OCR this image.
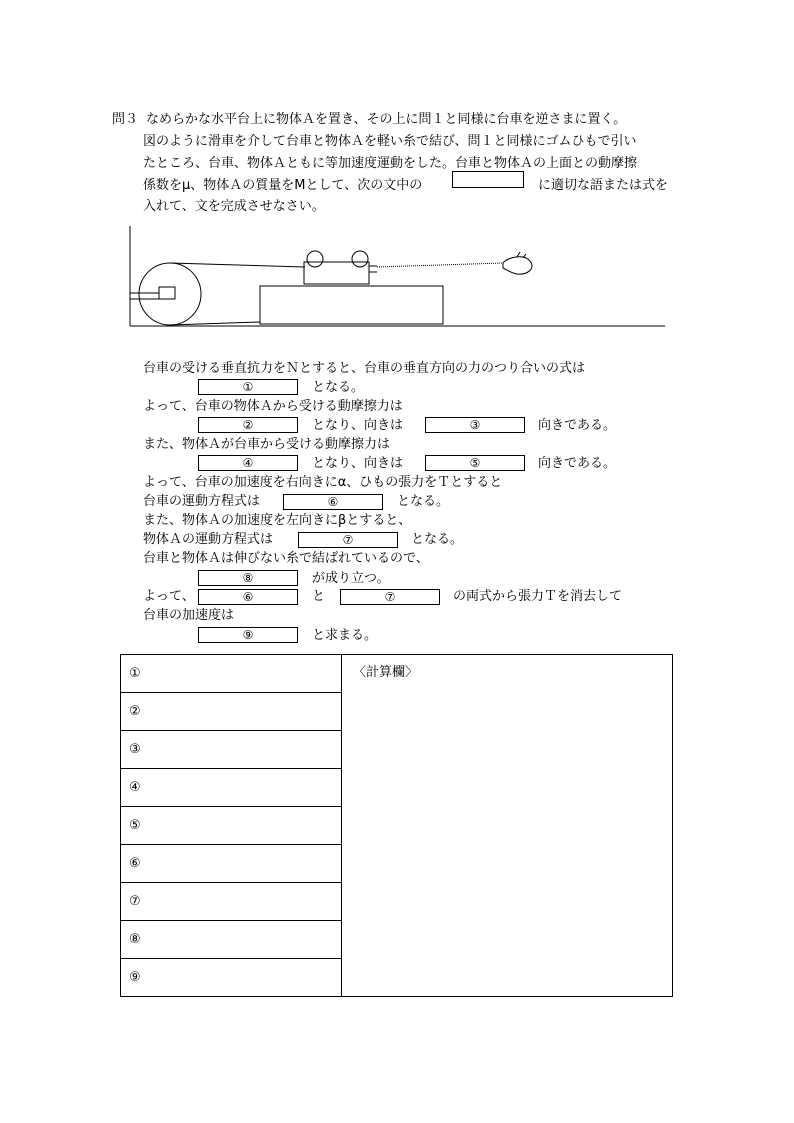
問３ なめらかな水平台上に物体Ａを置き、その上に問１と同様に台車を逆さまに置く。
図のように滑車を介して台車と物体Ａを軽い糸で結び、問１と同様にゴムひもで引い
たところ、台車、物体Ａともに等加速度運動をした。台車と物体Ａの上面との動摩擦
係数をμ、物体Ａの質量をMとして、次の文中の	に適切な語または式を
入れて、文を完成させなさい。
台車の受ける垂直抗力をＮとすると、台車の垂直方向の力のつり合いの式は
①	となる。
よって、台車の物体Ａから受ける動摩擦力は
②	となり、向きは	③	向きである。
また、物体Ａが台車から受ける動摩擦力は
④	となり、向きは	⑤	向きである。
よって、台車の加速度を右向きにα、ひもの張力をＴとすると
台車の運動方程式は	⑥	となる。
また、物体Ａの加速度を左向きにβとすると、
物体Ａの運動方程式は	⑦	となる。
台車と物体Ａは伸びない糸で結ばれているので、
⑧	が成り立つ。
よって、	⑥	と	⑦	の両式から張力Ｔを消去して
台車の加速度は
⑨	と求まる。
①
②
③
④
⑤
⑥
⑦
⑧
⑨
〈計算欄〉
